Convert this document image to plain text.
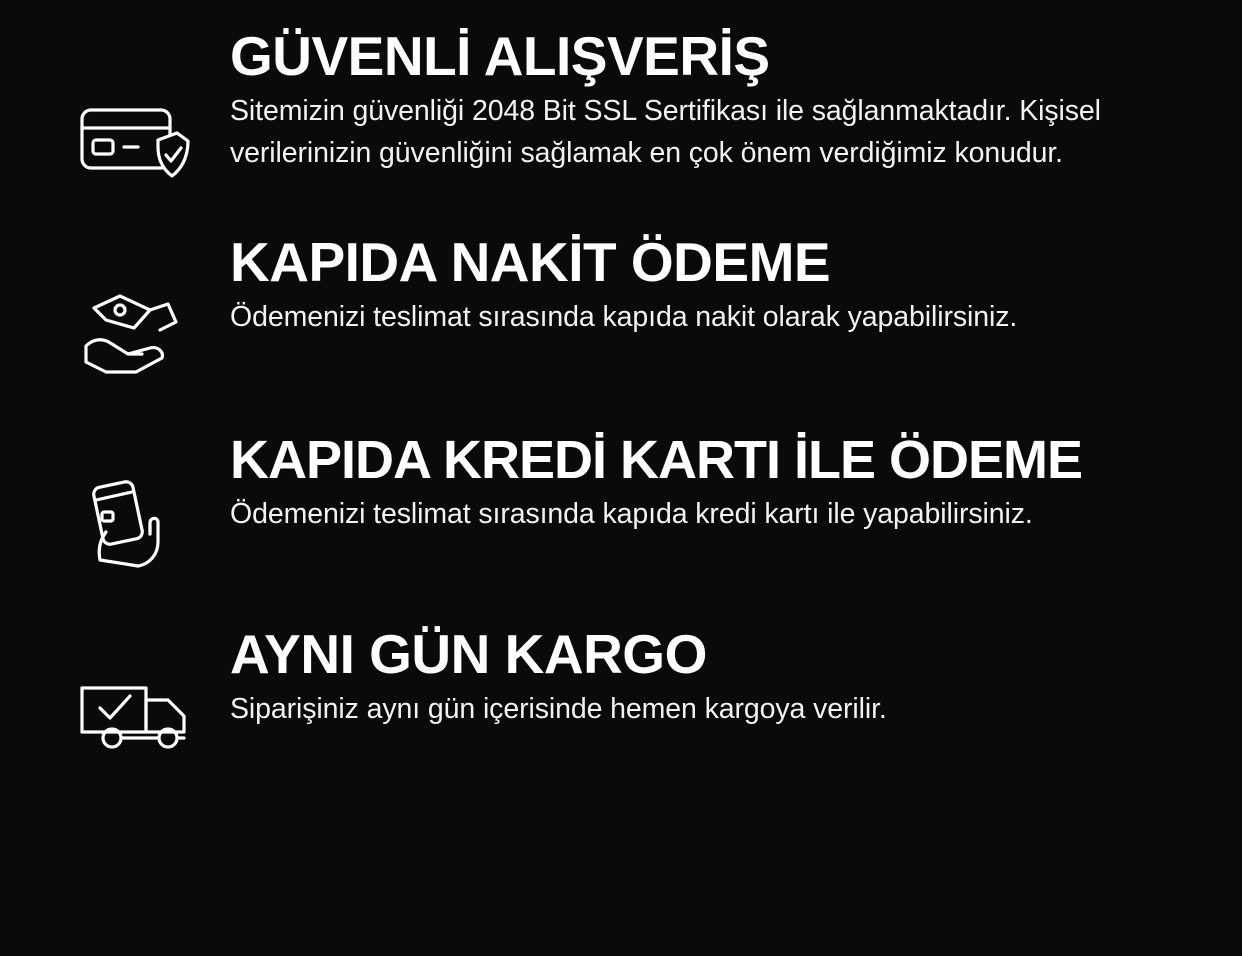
GÜVENLİ ALIŞVERİŞ

Sitemizin güvenliği 2048 Bit SSL Sertifikası ile sağlanmaktadır. Kişisel verilerinizin güvenliğini sağlamak en çok önem verdiğimiz konudur.

KAPIDA NAKİT ÖDEME

Ödemenizi teslimat sırasında kapıda nakit olarak yapabilirsiniz.

KAPIDA KREDİ KARTI İLE ÖDEME

Ödemenizi teslimat sırasında kapıda kredi kartı ile yapabilirsiniz.

AYNI GÜN KARGO

Siparişiniz aynı gün içerisinde hemen kargoya verilir.
